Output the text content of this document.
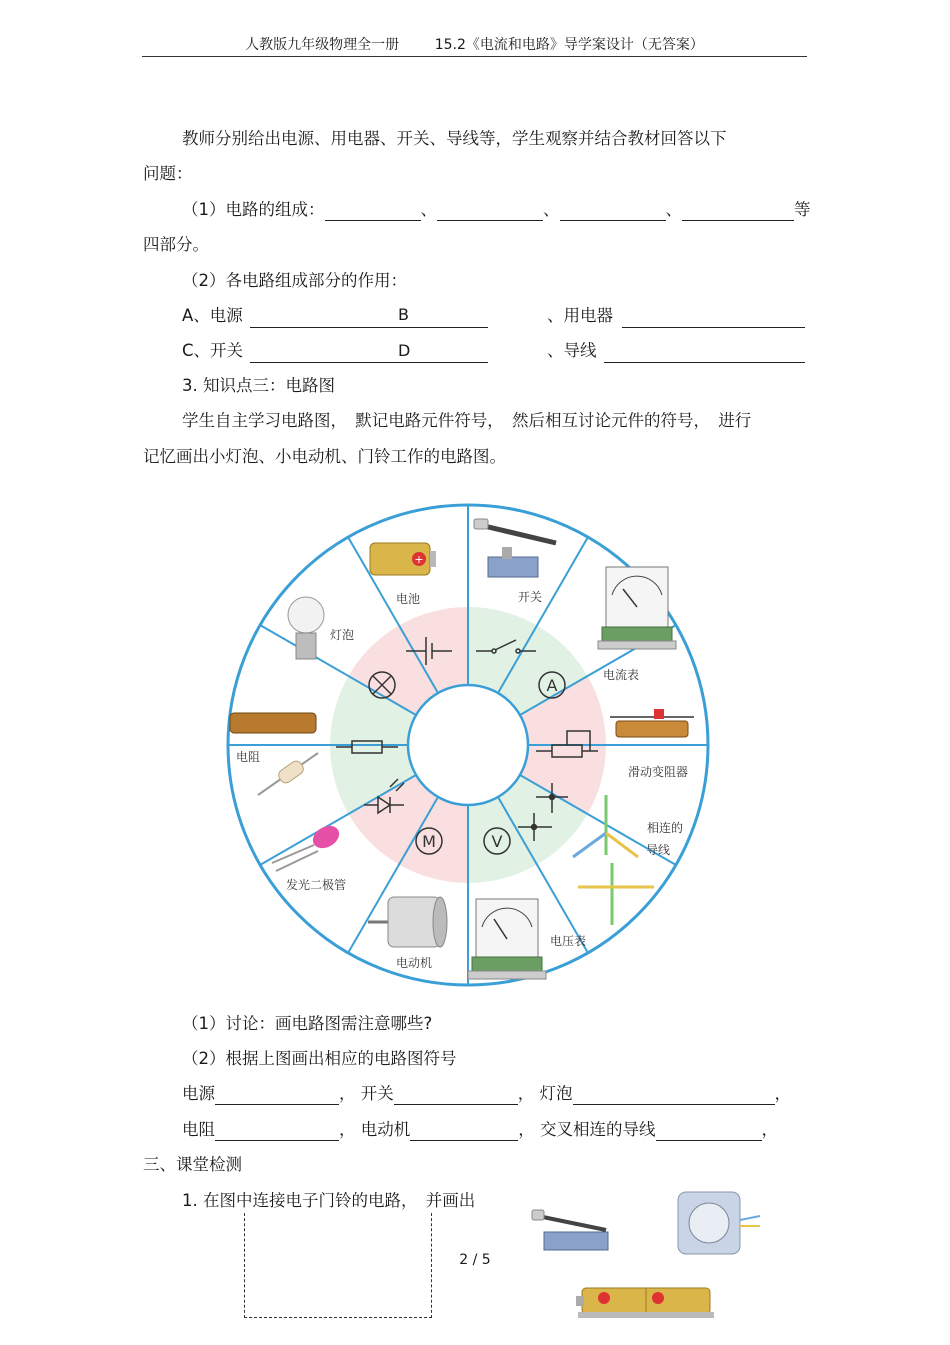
人教版九年级物理全一册	15.2《电流和电路》导学案设计（无答案）
教师分别给出电源、用电器、开关、导线等，学生观察并结合教材回答以下
问题：
（1）电路的组成：	、	、	、	等
四部分。
（2）各电路组成部分的作用：
A、电源	B	、用电器
C、开关	D	、导线
3. 知识点三：电路图
学生自主学习电路图，　默记电路元件符号，　然后相互讨论元件的符号，　进行
记忆画出小灯泡、小电动机、门铃工作的电路图。
A
V
M
+
电池	开关
电流表
滑动变阻器
相连的
导线
电压表
电动机
发光二极管
电阻
灯泡
（1）讨论：画电路图需注意哪些?
（2）根据上图画出相应的电路图符号
电源	， 开关	， 灯泡	，
电阻	， 电动机	， 交叉相连的导线	，
三、课堂检测
1. 在图中连接电子门铃的电路，　并画出
2 / 5
